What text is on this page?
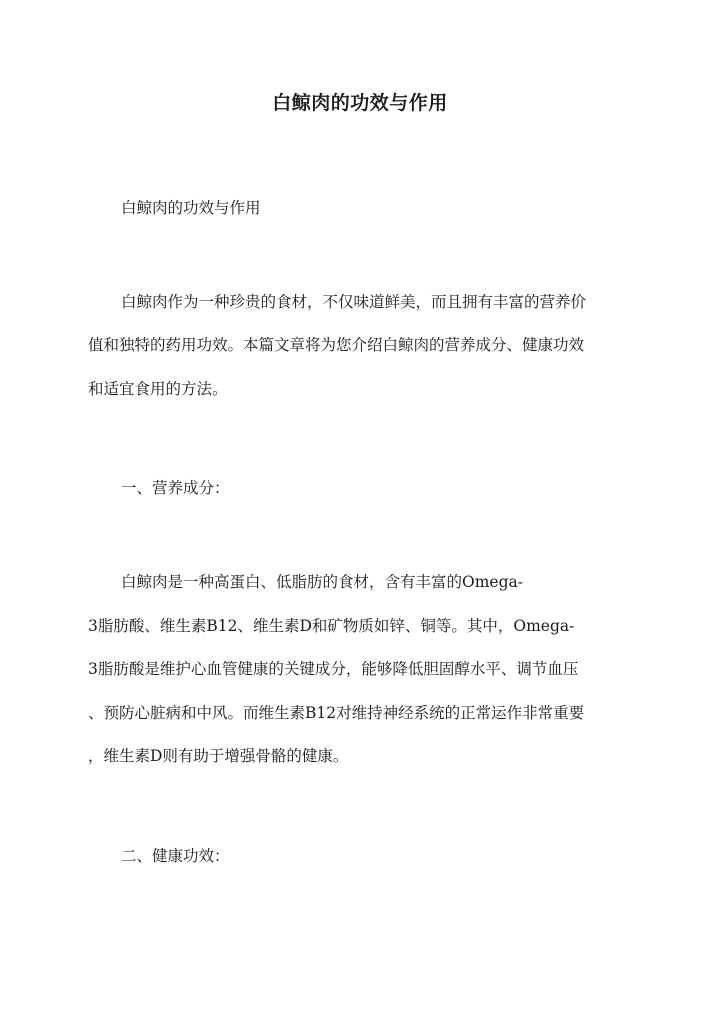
白鲸肉的功效与作用
白鲸肉的功效与作用
白鲸肉作为一种珍贵的食材，不仅味道鲜美，而且拥有丰富的营养价
值和独特的药用功效。本篇文章将为您介绍白鲸肉的营养成分、健康功效
和适宜食用的方法。
一、营养成分：
白鲸肉是一种高蛋白、低脂肪的食材，含有丰富的Omega-
3脂肪酸、维生素B12、维生素D和矿物质如锌、铜等。其中，Omega-
3脂肪酸是维护心血管健康的关键成分，能够降低胆固醇水平、调节血压
、预防心脏病和中风。而维生素B12对维持神经系统的正常运作非常重要
，维生素D则有助于增强骨骼的健康。
二、健康功效：
